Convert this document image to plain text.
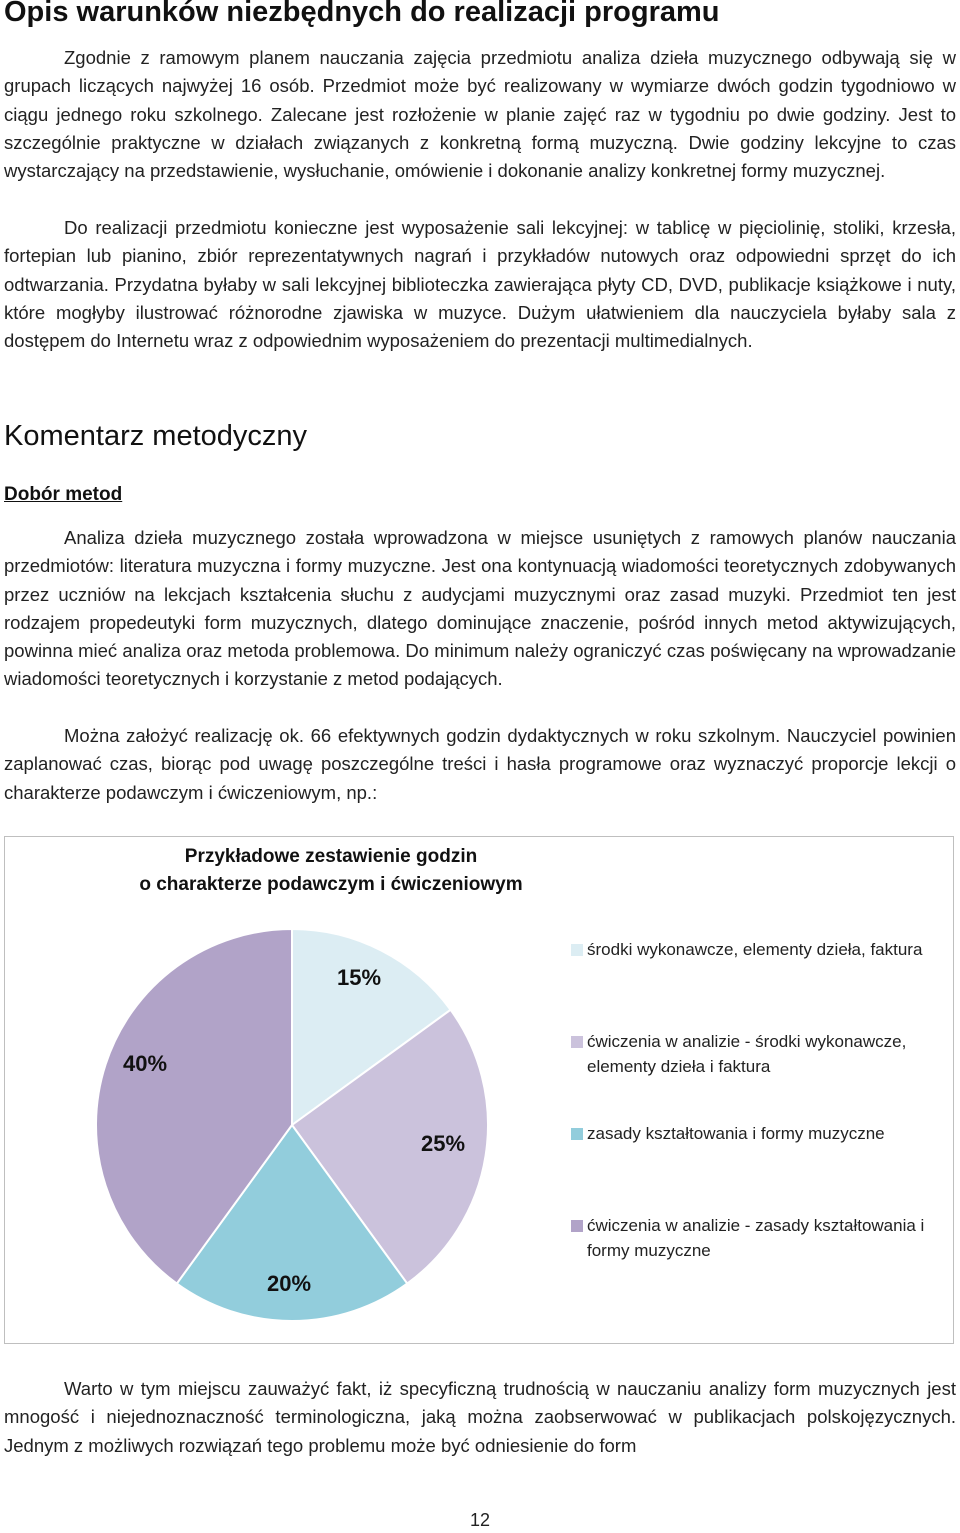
Opis warunków niezbędnych do realizacji programu

Zgodnie z ramowym planem nauczania zajęcia przedmiotu analiza dzieła muzycznego odbywają się w grupach liczących najwyżej 16 osób. Przedmiot może być realizowany w wymiarze dwóch godzin tygodniowo w ciągu jednego roku szkolnego. Zalecane jest rozłożenie w planie zajęć raz w tygodniu po dwie godziny. Jest to szczególnie praktyczne w działach związanych z konkretną formą muzyczną. Dwie godziny lekcyjne to czas wystarczający na przedstawienie, wysłuchanie, omówienie i dokonanie analizy konkretnej formy muzycznej.

Do realizacji przedmiotu konieczne jest wyposażenie sali lekcyjnej: w tablicę w pięciolinię, stoliki, krzesła, fortepian lub pianino, zbiór reprezentatywnych nagrań i przykładów nutowych oraz odpowiedni sprzęt do ich odtwarzania. Przydatna byłaby w sali lekcyjnej biblioteczka zawierająca płyty CD, DVD, publikacje książkowe i nuty, które mogłyby ilustrować różnorodne zjawiska w muzyce. Dużym ułatwieniem dla nauczyciela byłaby sala z dostępem do Internetu wraz z odpowiednim wyposażeniem do prezentacji multimedialnych.

Komentarz metodyczny
Dobór metod

Analiza dzieła muzycznego została wprowadzona w miejsce usuniętych z ramowych planów nauczania przedmiotów: literatura muzyczna i formy muzyczne. Jest ona kontynuacją wiadomości teoretycznych zdobywanych przez uczniów na lekcjach kształcenia słuchu z audycjami muzycznymi oraz zasad muzyki. Przedmiot ten jest rodzajem propedeutyki form muzycznych, dlatego dominujące znaczenie, pośród innych metod aktywizujących, powinna mieć analiza oraz metoda problemowa. Do minimum należy ograniczyć czas poświęcany na wprowadzanie wiadomości teoretycznych i korzystanie z metod podających.

Można założyć realizację ok. 66 efektywnych godzin dydaktycznych w roku szkolnym. Nauczyciel powinien zaplanować czas, biorąc pod uwagę poszczególne treści i hasła programowe oraz wyznaczyć proporcje lekcji o charakterze podawczym i ćwiczeniowym, np.:

Przykładowe zestawienie godzin
o charakterze podawczym i ćwiczeniowym
15%
25%
20%
40%
środki wykonawcze, elementy dzieła, faktura
ćwiczenia w analizie - środki wykonawcze, elementy dzieła i faktura
zasady kształtowania i formy muzyczne
ćwiczenia w analizie - zasady kształtowania i formy muzyczne

Warto w tym miejscu zauważyć fakt, iż specyficzną trudnością w nauczaniu analizy form muzycznych jest mnogość i niejednoznaczność terminologiczna, jaką można zaobserwować w publikacjach polskojęzycznych. Jednym z możliwych rozwiązań tego problemu może być odniesienie do form

12
